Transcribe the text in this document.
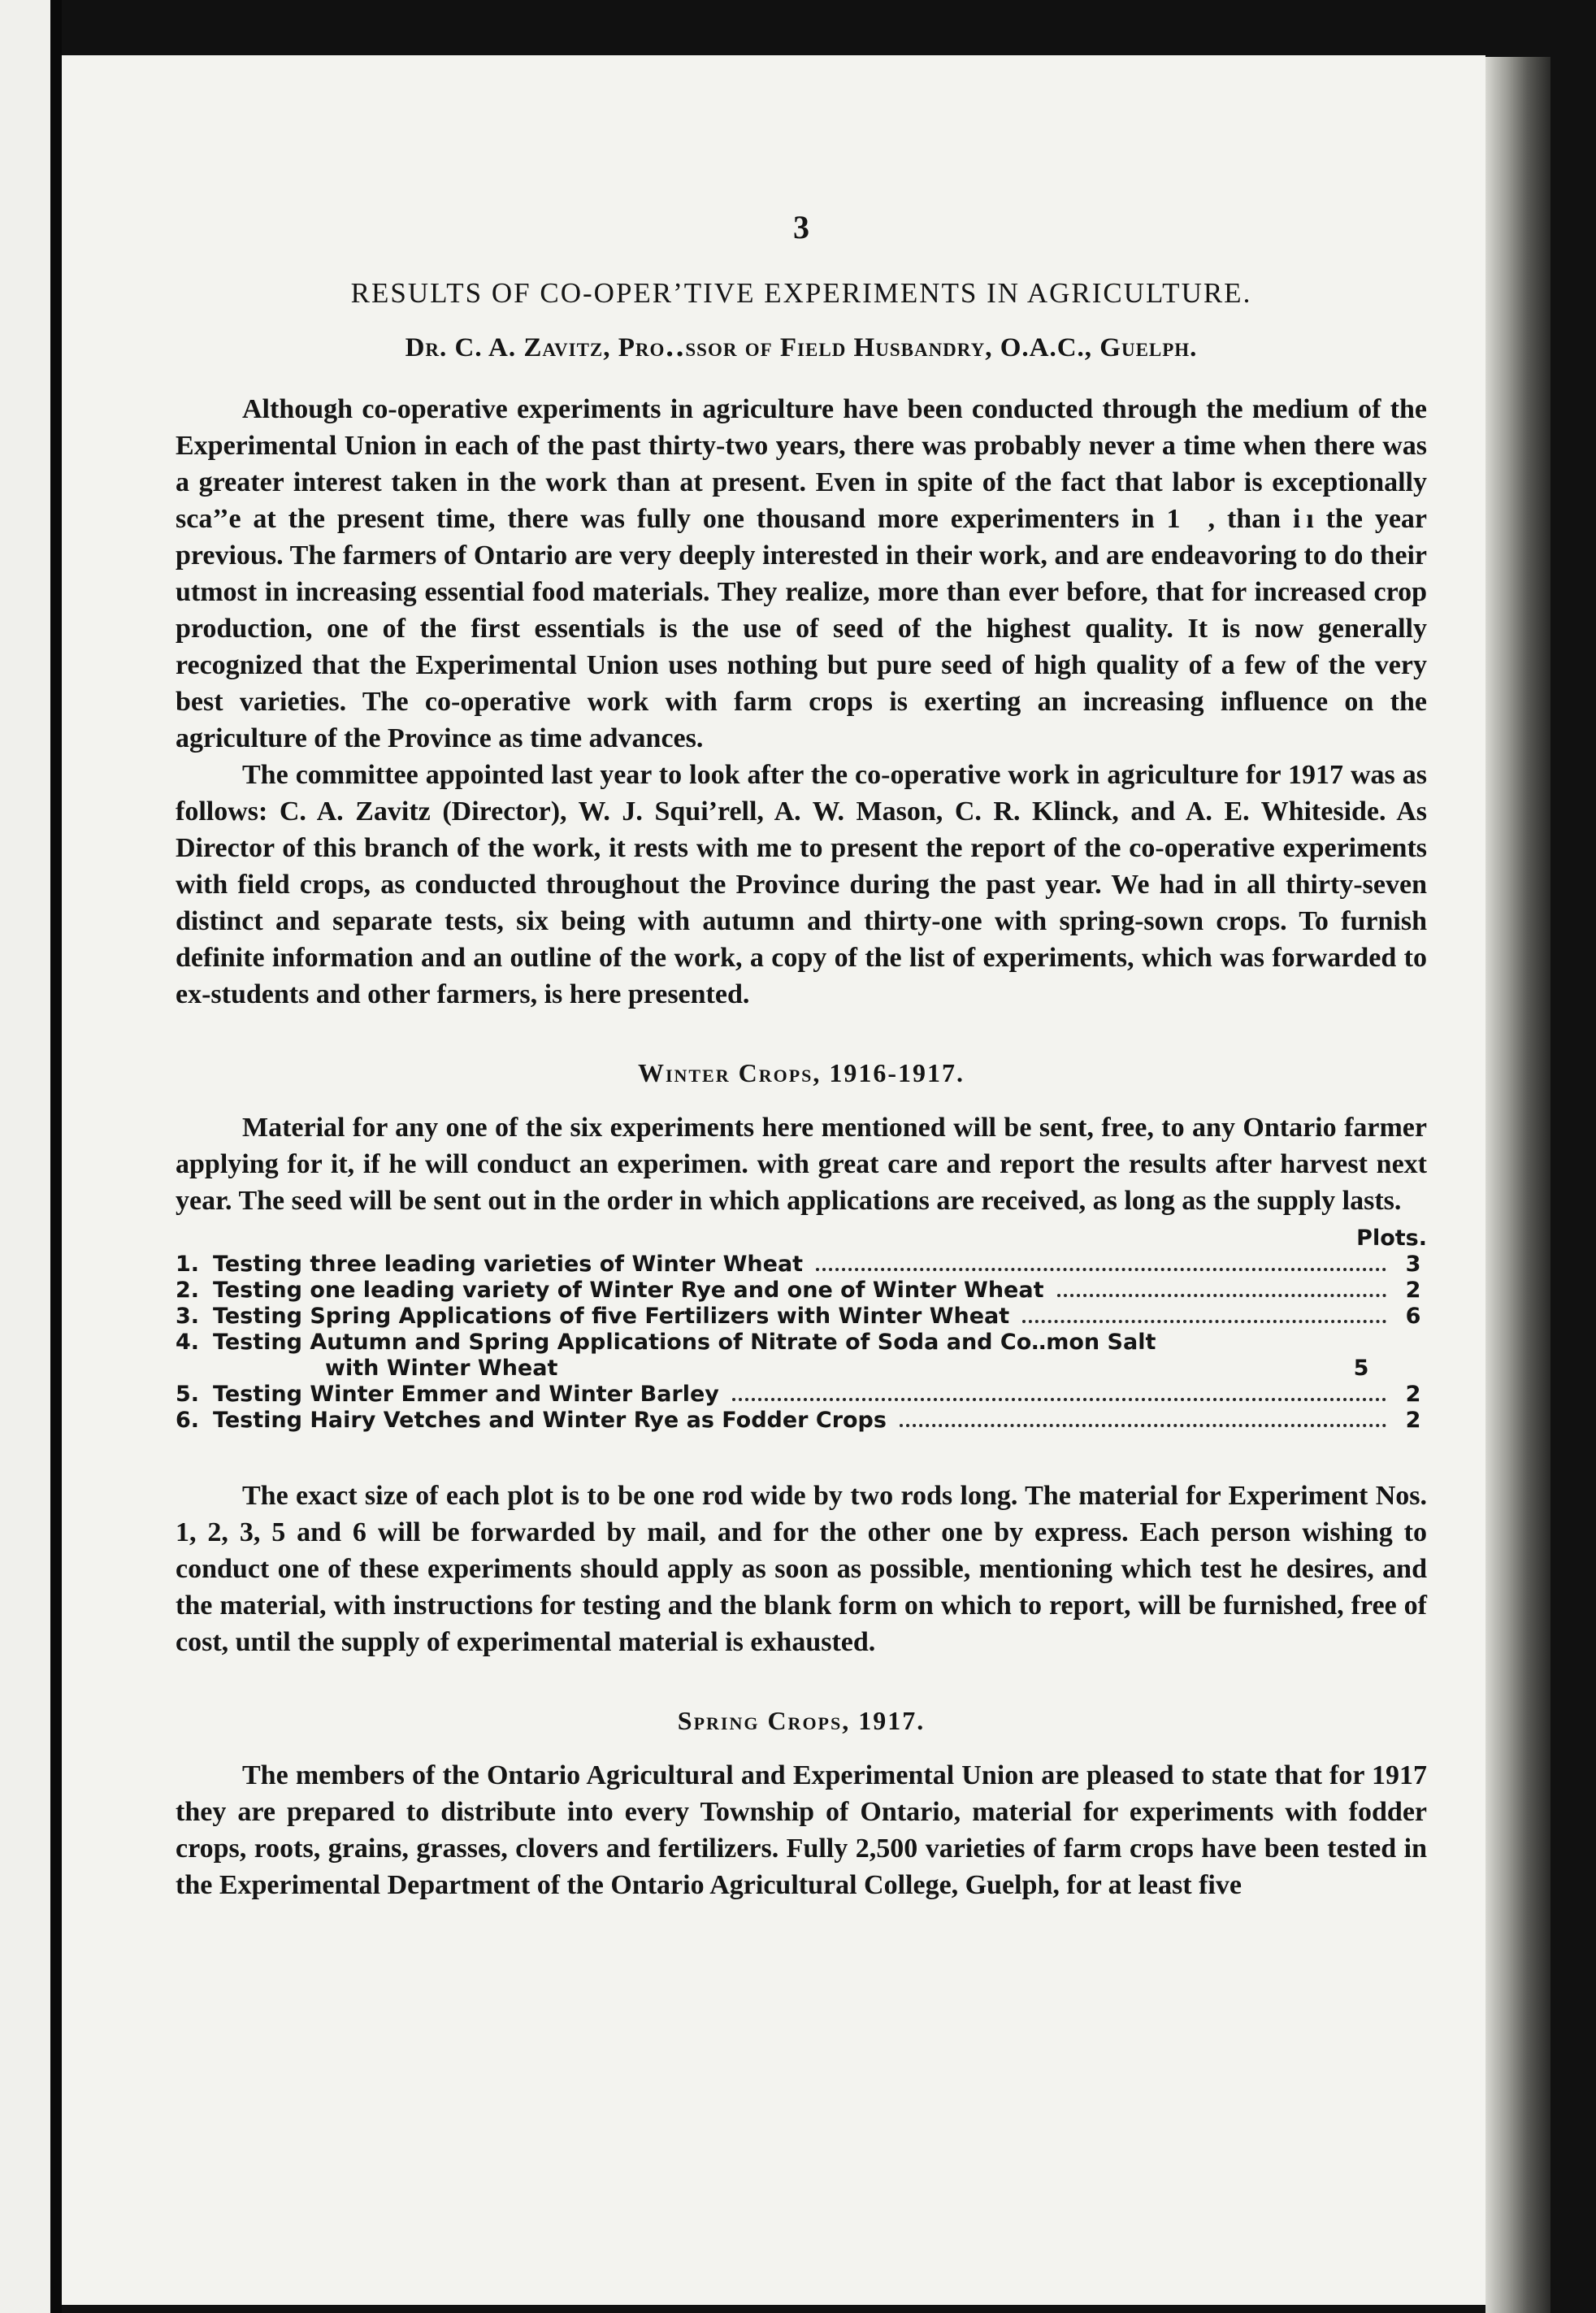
3
RESULTS OF CO-OPER’TIVE EXPERIMENTS IN AGRICULTURE.
Dr. C. A. Zavitz, Pro․․ssor of Field Husbandry, O.A.C., Guelph.

Although co-operative experiments in agriculture have been conducted through the medium of the Experimental Union in each of the past thirty-two years, there was probably never a time when there was a greater interest taken in the work than at present. Even in spite of the fact that labor is exceptionally sca’’e at the present time, there was fully one thousand more experimenters in 1  , than i ı the year previous. The farmers of Ontario are very deeply interested in their work, and are endeavoring to do their utmost in increasing essential food materials. They realize, more than ever before, that for increased crop production, one of the first essentials is the use of seed of the highest quality. It is now generally recognized that the Experimental Union uses nothing but pure seed of high quality of a few of the very best varieties. The co-operative work with farm crops is exerting an increasing influence on the agriculture of the Province as time advances.

The committee appointed last year to look after the co-operative work in agriculture for 1917 was as follows: C. A. Zavitz (Director), W. J. Squi’rell, A. W. Mason, C. R. Klinck, and A. E. Whiteside. As Director of this branch of the work, it rests with me to present the report of the co-operative experiments with field crops, as conducted throughout the Province during the past year. We had in all thirty-seven distinct and separate tests, six being with autumn and thirty-one with spring-sown crops. To furnish definite information and an outline of the work, a copy of the list of experiments, which was forwarded to ex-students and other farmers, is here presented.

Winter Crops, 1916-1917.

Material for any one of the six experiments here mentioned will be sent, free, to any Ontario farmer applying for it, if he will conduct an experimen. with great care and report the results after harvest next year. The seed will be sent out in the order in which applications are received, as long as the supply lasts.

Plots.
1. Testing three leading varieties of Winter Wheat	3
2. Testing one leading variety of Winter Rye and one of Winter Wheat	2
3. Testing Spring Applications of five Fertilizers with Winter Wheat	6
4. Testing Autumn and Spring Applications of Nitrate of Soda and Co․․mon Salt
with Winter Wheat	5
5. Testing Winter Emmer and Winter Barley	2
6. Testing Hairy Vetches and Winter Rye as Fodder Crops	2

The exact size of each plot is to be one rod wide by two rods long. The material for Experiment Nos. 1, 2, 3, 5 and 6 will be forwarded by mail, and for the other one by express. Each person wishing to conduct one of these experiments should apply as soon as possible, mentioning which test he desires, and the material, with instructions for testing and the blank form on which to report, will be furnished, free of cost, until the supply of experimental material is exhausted.

Spring Crops, 1917.

The members of the Ontario Agricultural and Experimental Union are pleased to state that for 1917 they are prepared to distribute into every Township of Ontario, material for experiments with fodder crops, roots, grains, grasses, clovers and fertilizers. Fully 2,500 varieties of farm crops have been tested in the Experimental Department of the Ontario Agricultural College, Guelph, for at least five
